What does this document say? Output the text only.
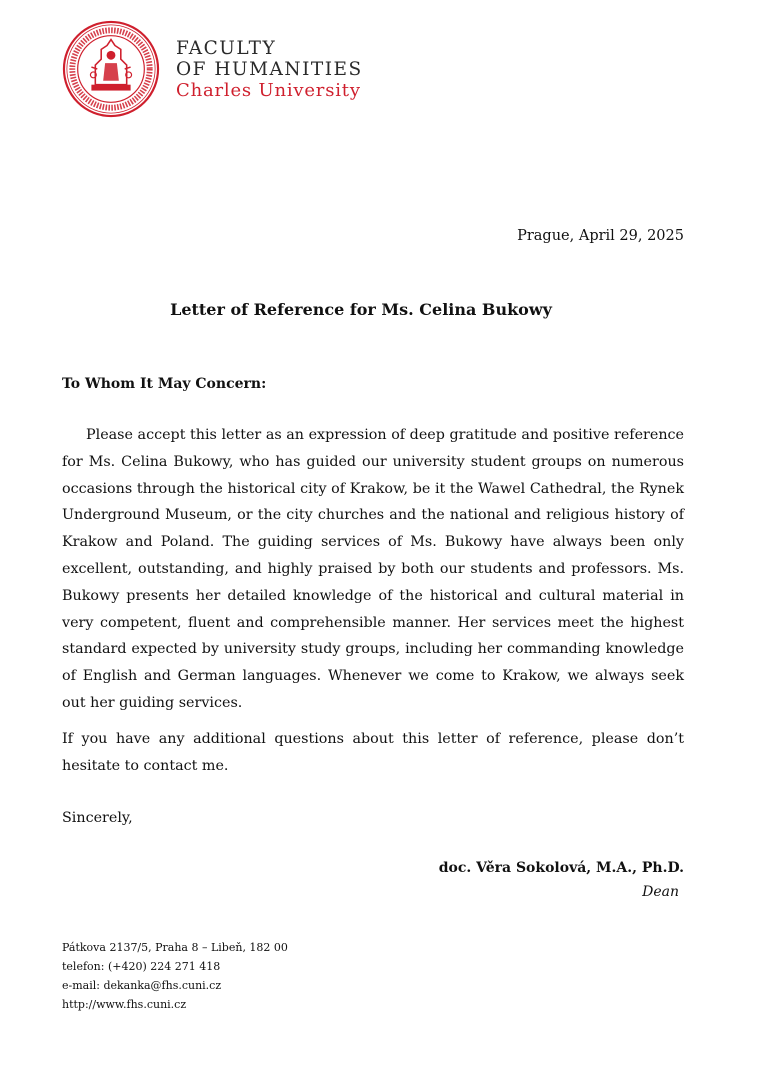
FACULTY
OF HUMANITIES
Charles University
Prague, April 29, 2025
Letter of Reference for Ms. Celina Bukowy
To Whom It May Concern:
Please accept this letter as an expression of deep gratitude and positive reference for Ms. Celina Bukowy, who has guided our university student groups on numerous occasions through the historical city of Krakow, be it the Wawel Cathedral, the Rynek Underground Museum, or the city churches and the national and religious history of Krakow and Poland. The guiding services of Ms. Bukowy have always been only excellent, outstanding, and highly praised by both our students and professors. Ms. Bukowy presents her detailed knowledge of the historical and cultural material in very competent, fluent and comprehensible manner. Her services meet the highest standard expected by university study groups, including her commanding knowledge of English and German languages. Whenever we come to Krakow, we always seek out her guiding services.
If you have any additional questions about this letter of reference, please don’t hesitate to contact me.
Sincerely,
doc. Věra Sokolová, M.A., Ph.D.
Dean
Pátkova 2137/5, Praha 8 – Libeň, 182 00
telefon: (+420) 224 271 418
e-mail: dekanka@fhs.cuni.cz
http://www.fhs.cuni.cz
